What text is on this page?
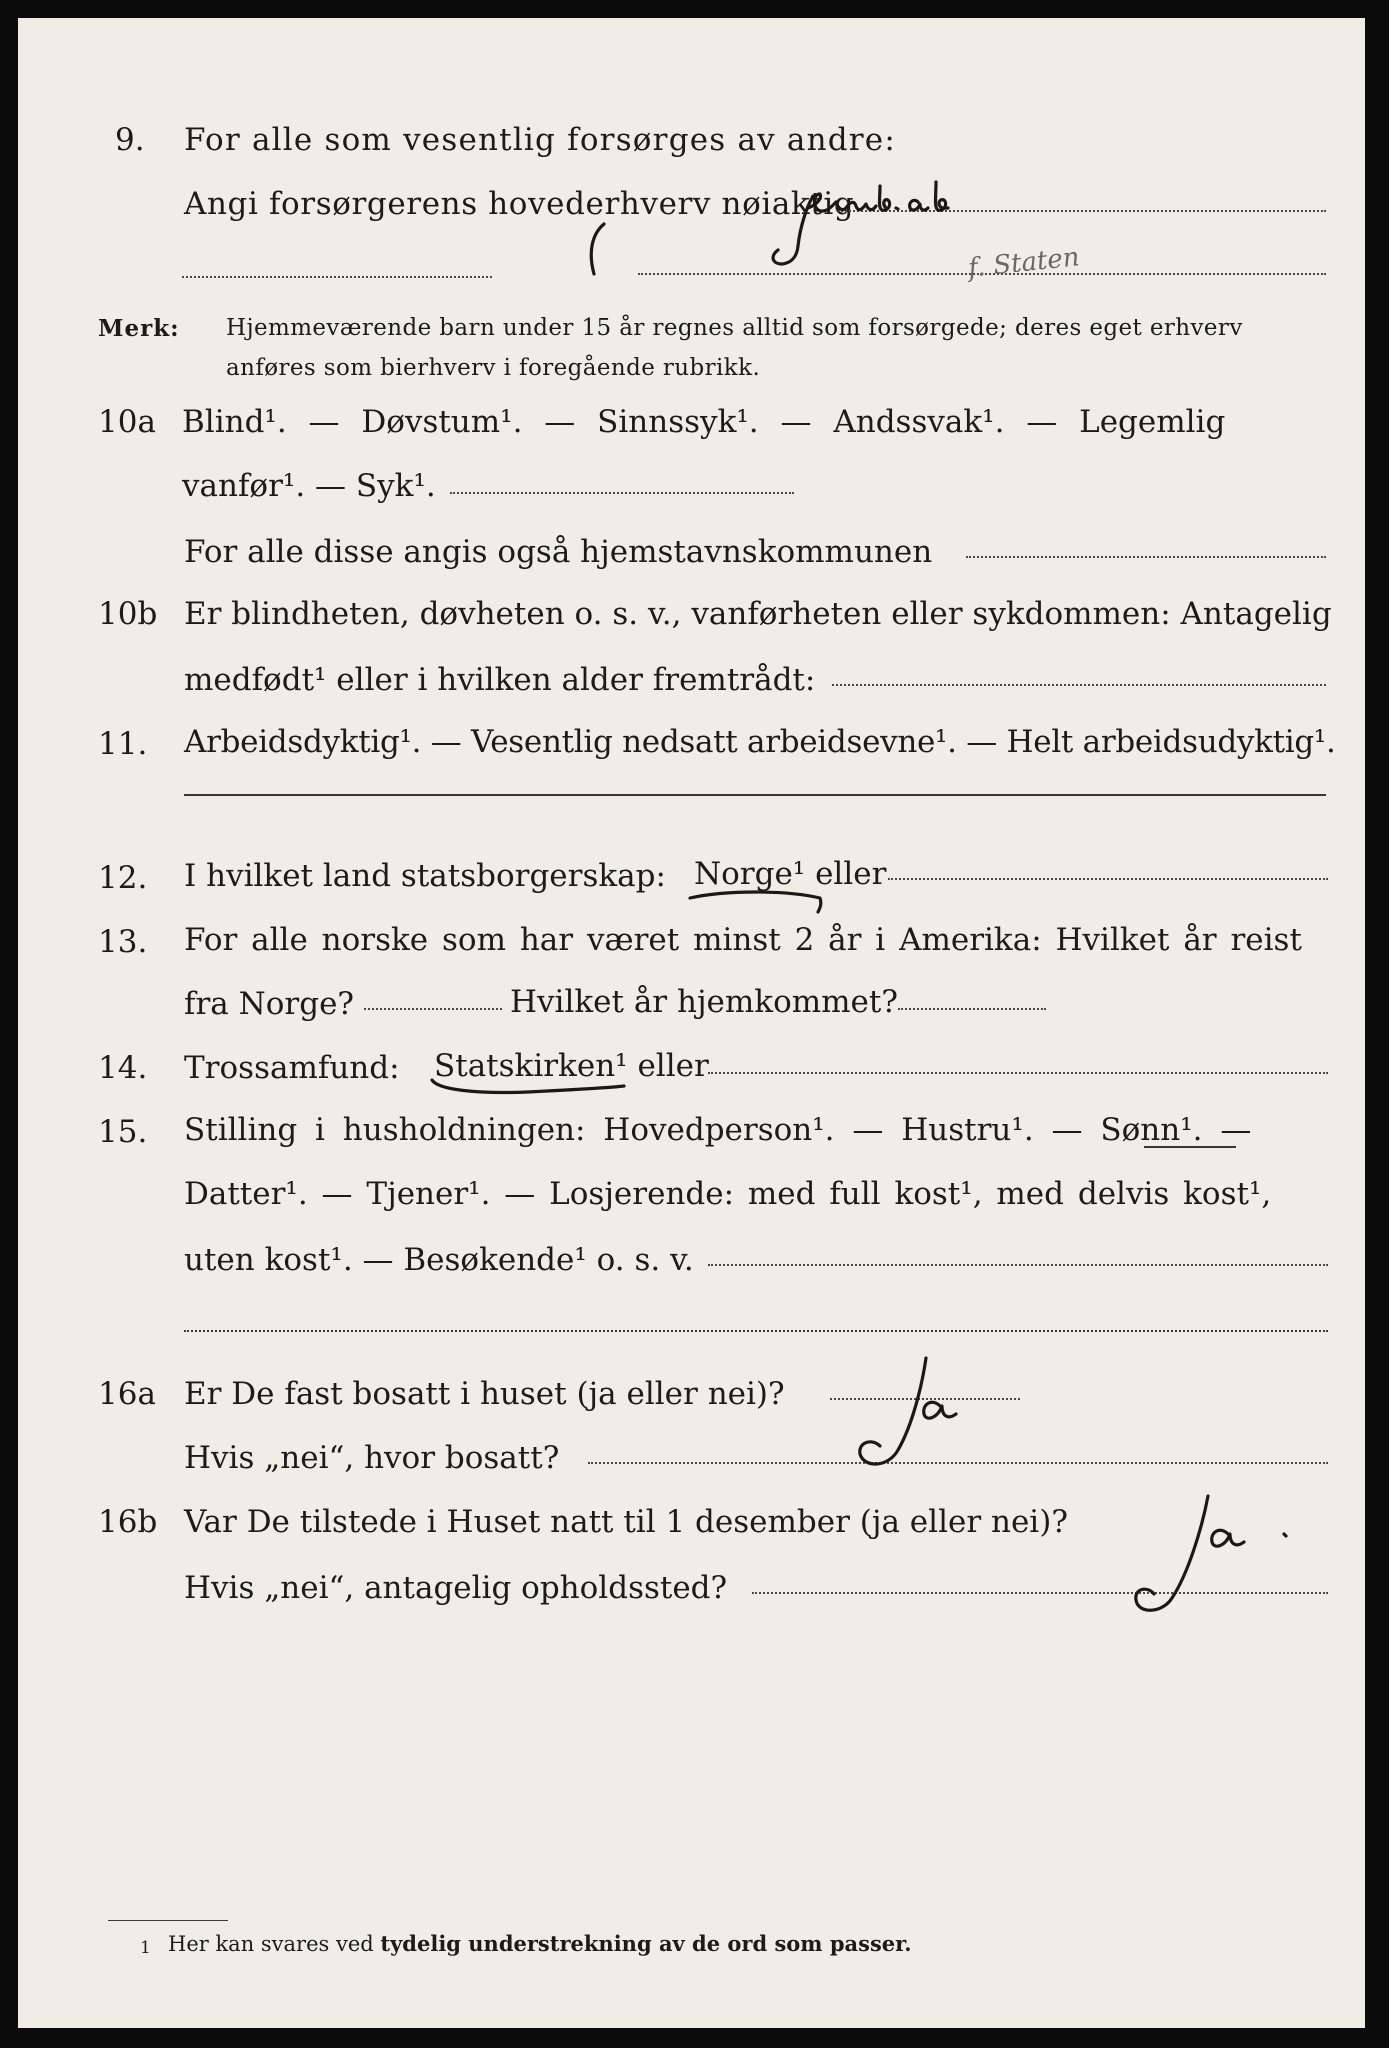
9. For alle som vesentlig forsørges av andre:
Angi forsørgerens hovederhverv nøiaktig
f. Staten
Merk: Hjemmeværende barn under 15 år regnes alltid som forsørgede; deres eget erhverv
anføres som bierhverv i foregående rubrikk.
10a Blind¹. — Døvstum¹. — Sinnssyk¹. — Andssvak¹. — Legemlig
vanfør¹. — Syk¹.
For alle disse angis også hjemstavnskommunen
10b Er blindheten, døvheten o. s. v., vanførheten eller sykdommen: Antagelig
medfødt¹ eller i hvilken alder fremtrådt:
11. Arbeidsdyktig¹. — Vesentlig nedsatt arbeidsevne¹. — Helt arbeidsudyktig¹.
12. I hvilket land statsborgerskap: Norge¹ eller
13. For alle norske som har været minst 2 år i Amerika: Hvilket år reist
fra Norge?	Hvilket år hjemkommet?
14. Trossamfund: Statskirken¹ eller
15. Stilling i husholdningen: Hovedperson¹. — Hustru¹. — Sønn¹. —
Datter¹. — Tjener¹. — Losjerende: med full kost¹, med delvis kost¹,
uten kost¹. — Besøkende¹ o. s. v.
16a Er De fast bosatt i huset (ja eller nei)?
Hvis „nei“, hvor bosatt?
16b Var De tilstede i Huset natt til 1 desember (ja eller nei)?
Hvis „nei“, antagelig opholdssted?
1 Her kan svares ved tydelig understrekning av de ord som passer.
